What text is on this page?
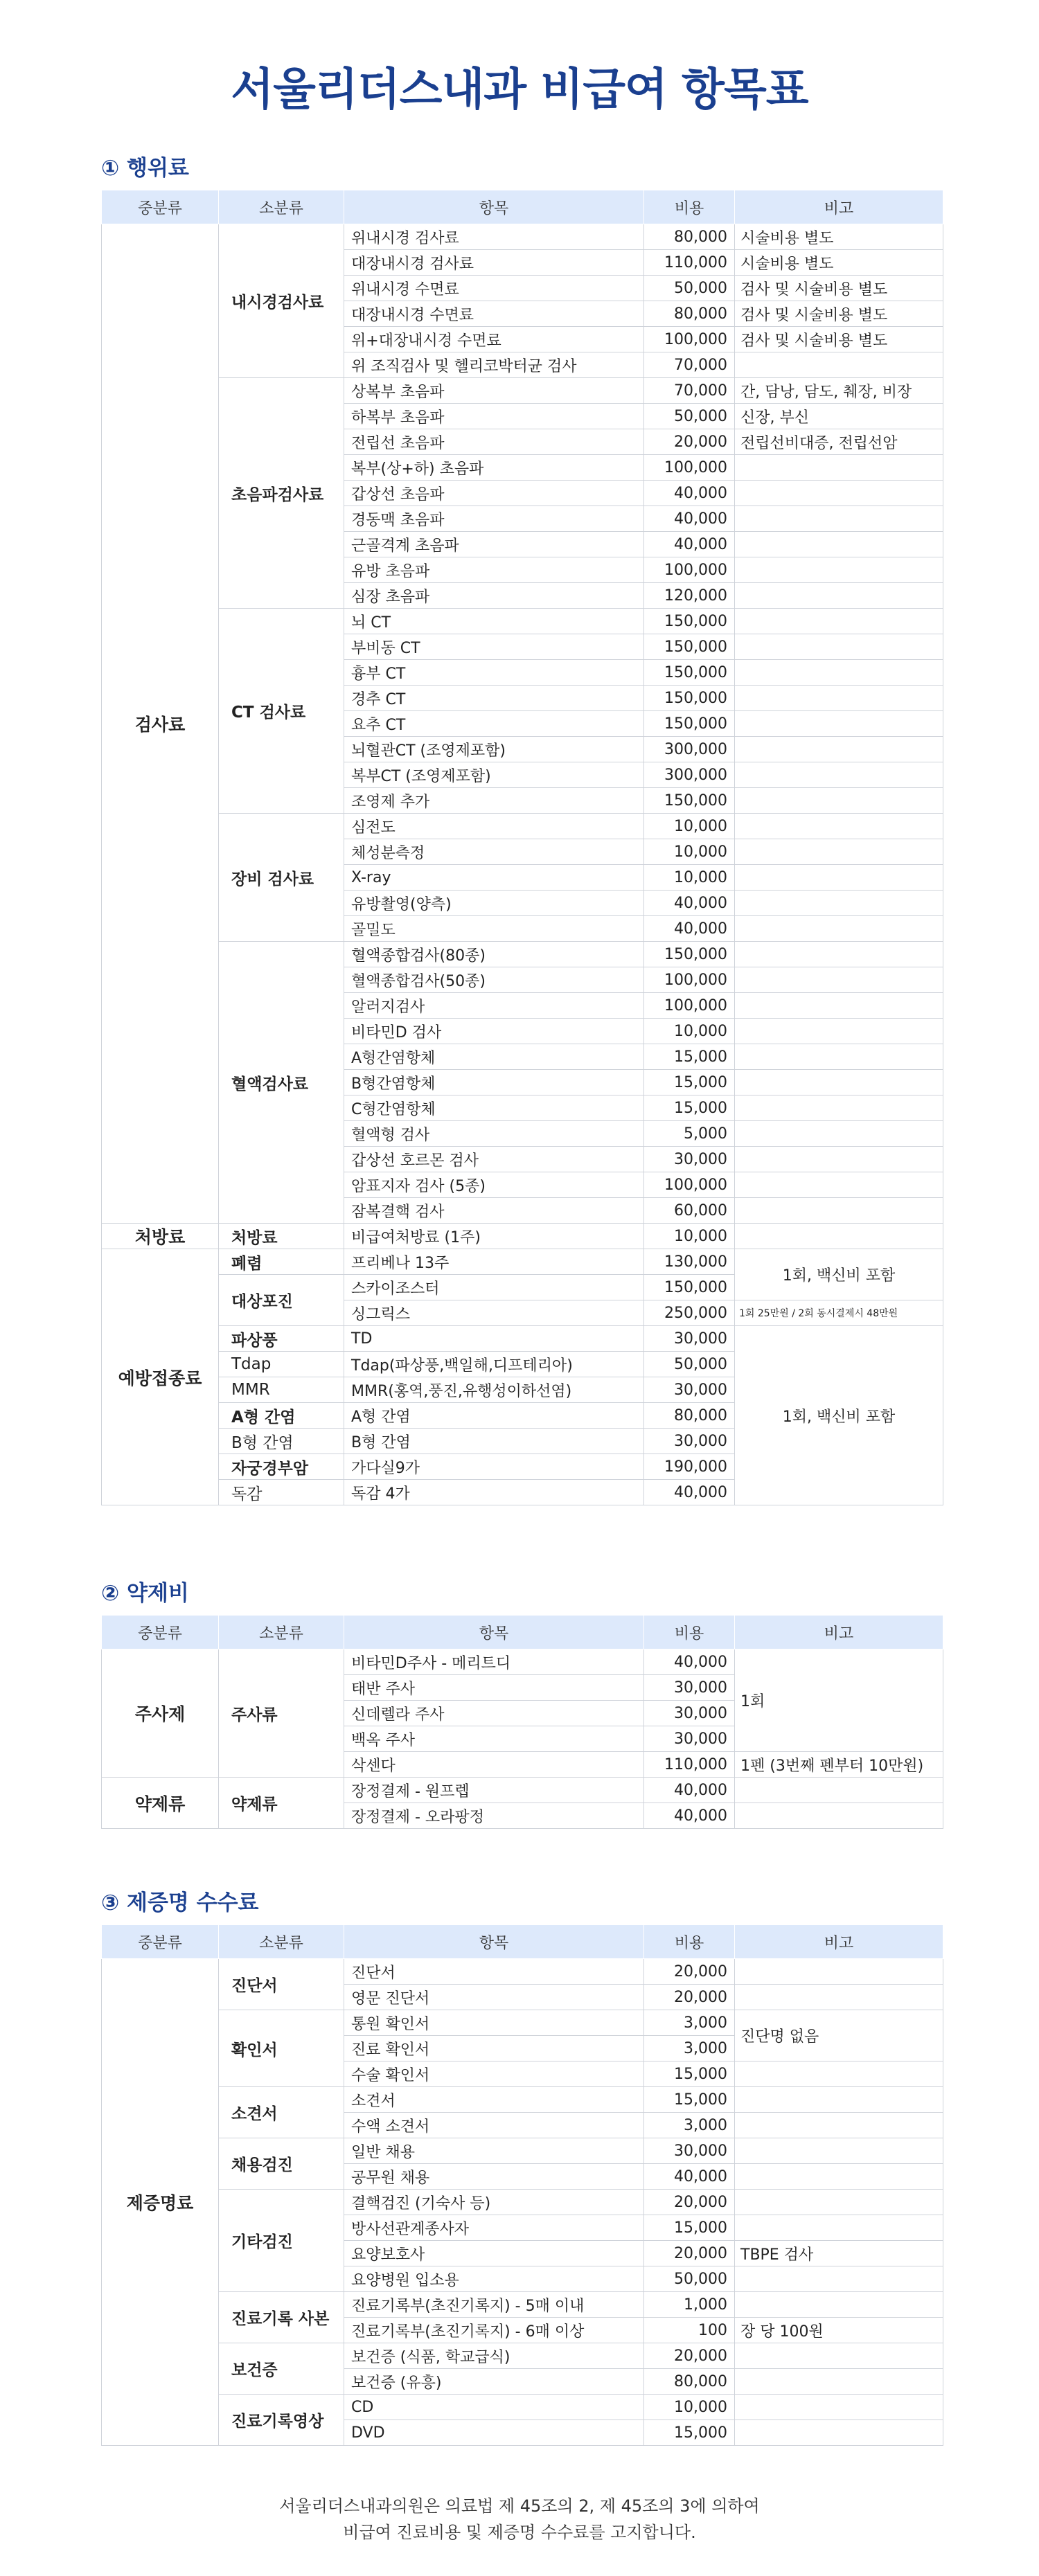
서울리더스내과 비급여 항목표
① 행위료
중분류	소분류	항목	비용	비고
검사료	내시경검사료	위내시경 검사료	80,000	시술비용 별도
		대장내시경 검사료	110,000	시술비용 별도
		위내시경 수면료	50,000	검사 및 시술비용 별도
		대장내시경 수면료	80,000	검사 및 시술비용 별도
		위+대장내시경 수면료	100,000	검사 및 시술비용 별도
		위 조직검사 및 헬리코박터균 검사	70,000	
	초음파검사료	상복부 초음파	70,000	간, 담낭, 담도, 췌장, 비장
		하복부 초음파	50,000	신장, 부신
		전립선 초음파	20,000	전립선비대증, 전립선암
		복부(상+하) 초음파	100,000	
		갑상선 초음파	40,000	
		경동맥 초음파	40,000	
		근골격계 초음파	40,000	
		유방 초음파	100,000	
		심장 초음파	120,000	
	CT 검사료	뇌 CT	150,000	
		부비동 CT	150,000	
		흉부 CT	150,000	
		경추 CT	150,000	
		요추 CT	150,000	
		뇌혈관CT (조영제포함)	300,000	
		복부CT (조영제포함)	300,000	
		조영제 추가	150,000	
	장비 검사료	심전도	10,000	
		체성분측정	10,000	
		X-ray	10,000	
		유방촬영(양측)	40,000	
		골밀도	40,000	
	혈액검사료	혈액종합검사(80종)	150,000	
		혈액종합검사(50종)	100,000	
		알러지검사	100,000	
		비타민D 검사	10,000	
		A형간염항체	15,000	
		B형간염항체	15,000	
		C형간염항체	15,000	
		혈액형 검사	5,000	
		갑상선 호르몬 검사	30,000	
		암표지자 검사 (5종)	100,000	
		잠복결핵 검사	60,000	
처방료	처방료	비급여처방료 (1주)	10,000	
예방접종료	폐렴	프리베나 13주	130,000	1회, 백신비 포함
	대상포진	스카이조스터	150,000	
		싱그릭스	250,000	1회 25만원 / 2회 동시결제시 48만원
	파상풍	TD	30,000	1회, 백신비 포함
	Tdap	Tdap(파상풍,백일해,디프테리아)	50,000	
	MMR	MMR(홍역,풍진,유행성이하선염)	30,000	
	A형 간염	A형 간염	80,000	
	B형 간염	B형 간염	30,000	
	자궁경부암	가다실9가	190,000	
	독감	독감 4가	40,000	
② 약제비
중분류	소분류	항목	비용	비고
주사제	주사류	비타민D주사 - 메리트디	40,000	1회
		태반 주사	30,000	
		신데렐라 주사	30,000	
		백옥 주사	30,000	
		삭센다	110,000	1펜 (3번째 펜부터 10만원)
약제류	약제류	장정결제 - 원프렙	40,000	
		장정결제 - 오라팡정	40,000	
③ 제증명 수수료
중분류	소분류	항목	비용	비고
제증명료	진단서	진단서	20,000	
		영문 진단서	20,000	
	확인서	통원 확인서	3,000	진단명 없음
		진료 확인서	3,000	
		수술 확인서	15,000	
	소견서	소견서	15,000	
		수액 소견서	3,000	
	채용검진	일반 채용	30,000	
		공무원 채용	40,000	
	기타검진	결핵검진 (기숙사 등)	20,000	
		방사선관계종사자	15,000	
		요양보호사	20,000	TBPE 검사
		요양병원 입소용	50,000	
	진료기록 사본	진료기록부(초진기록지) - 5매 이내	1,000	
		진료기록부(초진기록지) - 6매 이상	100	장 당 100원
	보건증	보건증 (식품, 학교급식)	20,000	
		보건증 (유흥)	80,000	
	진료기록영상	CD	10,000	
		DVD	15,000	
서울리더스내과의원은 의료법 제 45조의 2, 제 45조의 3에 의하여
비급여 진료비용 및 제증명 수수료를 고지합니다.
